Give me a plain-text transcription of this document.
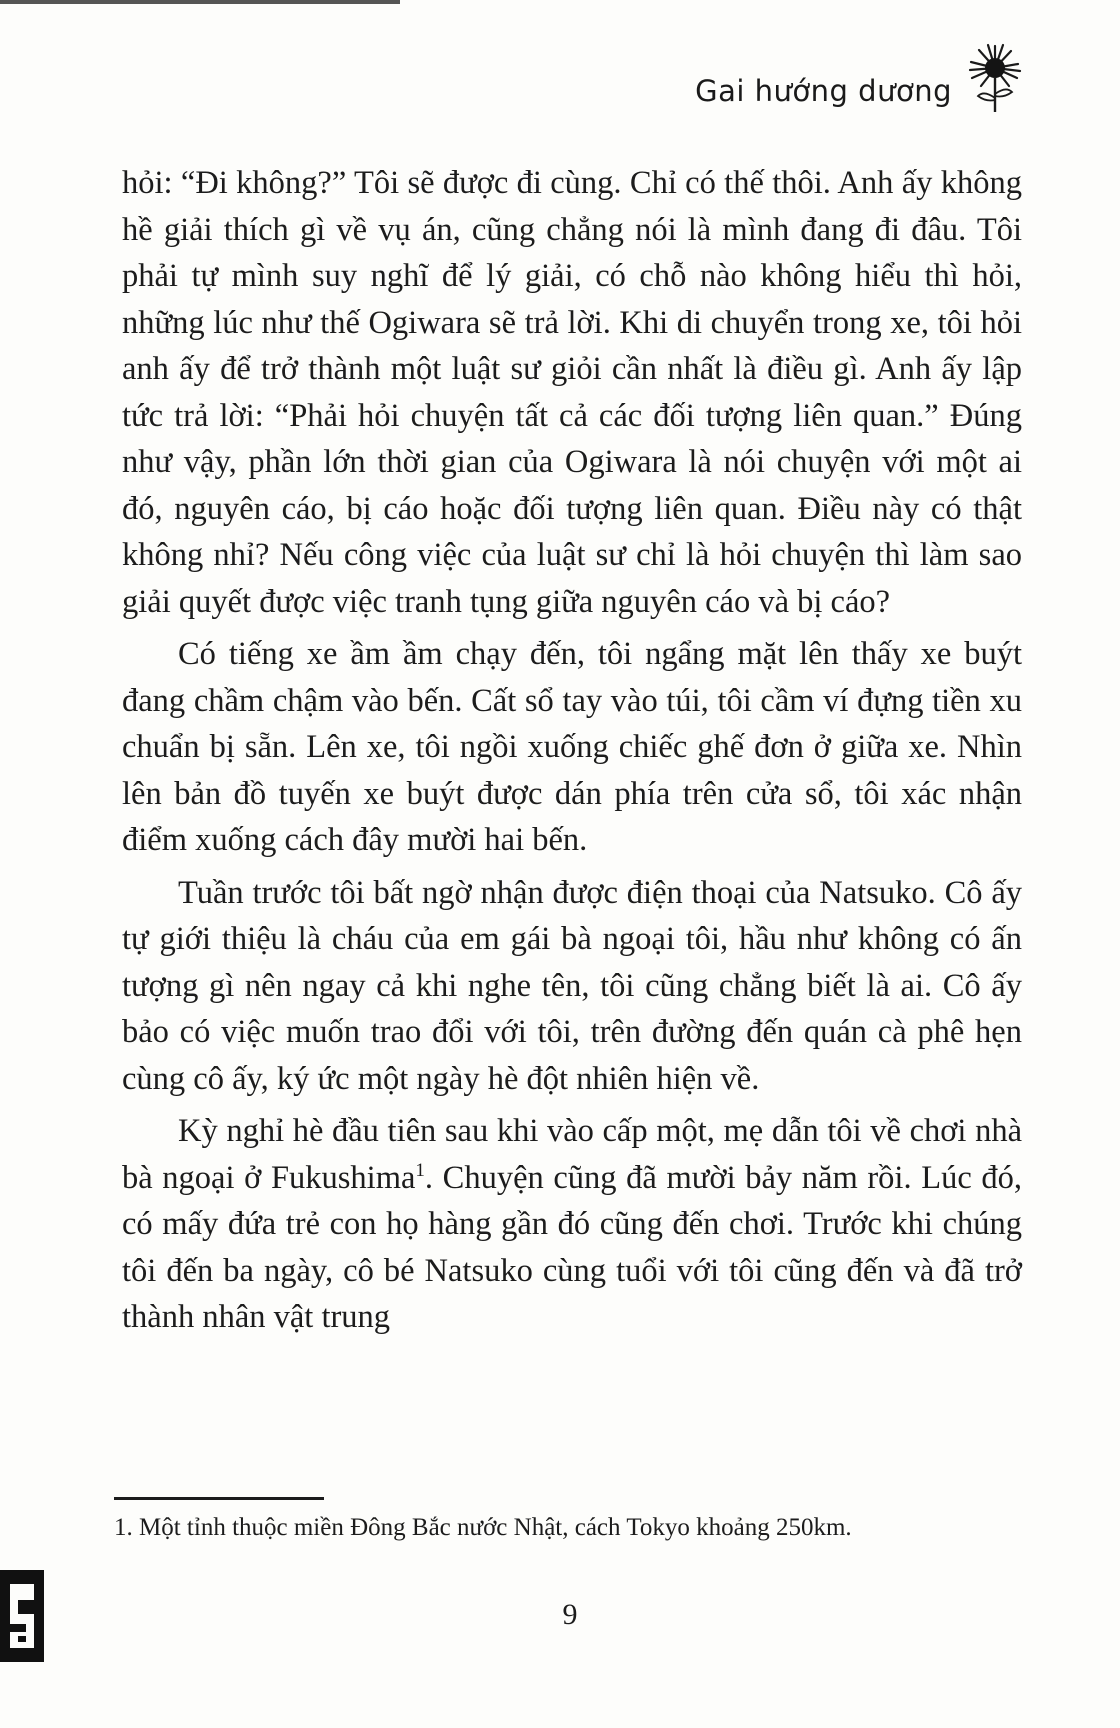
Gai hướng dương

hỏi: “Đi không?” Tôi sẽ được đi cùng. Chỉ có thế thôi. Anh ấy không hề giải thích gì về vụ án, cũng chẳng nói là mình đang đi đâu. Tôi phải tự mình suy nghĩ để lý giải, có chỗ nào không hiểu thì hỏi, những lúc như thế Ogiwara sẽ trả lời. Khi di chuyển trong xe, tôi hỏi anh ấy để trở thành một luật sư giỏi cần nhất là điều gì. Anh ấy lập tức trả lời: “Phải hỏi chuyện tất cả các đối tượng liên quan.” Đúng như vậy, phần lớn thời gian của Ogiwara là nói chuyện với một ai đó, nguyên cáo, bị cáo hoặc đối tượng liên quan. Điều này có thật không nhỉ? Nếu công việc của luật sư chỉ là hỏi chuyện thì làm sao giải quyết được việc tranh tụng giữa nguyên cáo và bị cáo?

Có tiếng xe ầm ầm chạy đến, tôi ngẩng mặt lên thấy xe buýt đang chầm chậm vào bến. Cất sổ tay vào túi, tôi cầm ví đựng tiền xu chuẩn bị sẵn. Lên xe, tôi ngồi xuống chiếc ghế đơn ở giữa xe. Nhìn lên bản đồ tuyến xe buýt được dán phía trên cửa sổ, tôi xác nhận điểm xuống cách đây mười hai bến.

Tuần trước tôi bất ngờ nhận được điện thoại của Natsuko. Cô ấy tự giới thiệu là cháu của em gái bà ngoại tôi, hầu như không có ấn tượng gì nên ngay cả khi nghe tên, tôi cũng chẳng biết là ai. Cô ấy bảo có việc muốn trao đổi với tôi, trên đường đến quán cà phê hẹn cùng cô ấy, ký ức một ngày hè đột nhiên hiện về.

Kỳ nghỉ hè đầu tiên sau khi vào cấp một, mẹ dẫn tôi về chơi nhà bà ngoại ở Fukushima$^1$. Chuyện cũng đã mười bảy năm rồi. Lúc đó, có mấy đứa trẻ con họ hàng gần đó cũng đến chơi. Trước khi chúng tôi đến ba ngày, cô bé Natsuko cùng tuổi với tôi cũng đến và đã trở thành nhân vật trung

1. Một tỉnh thuộc miền Đông Bắc nước Nhật, cách Tokyo khoảng 250km.
9
